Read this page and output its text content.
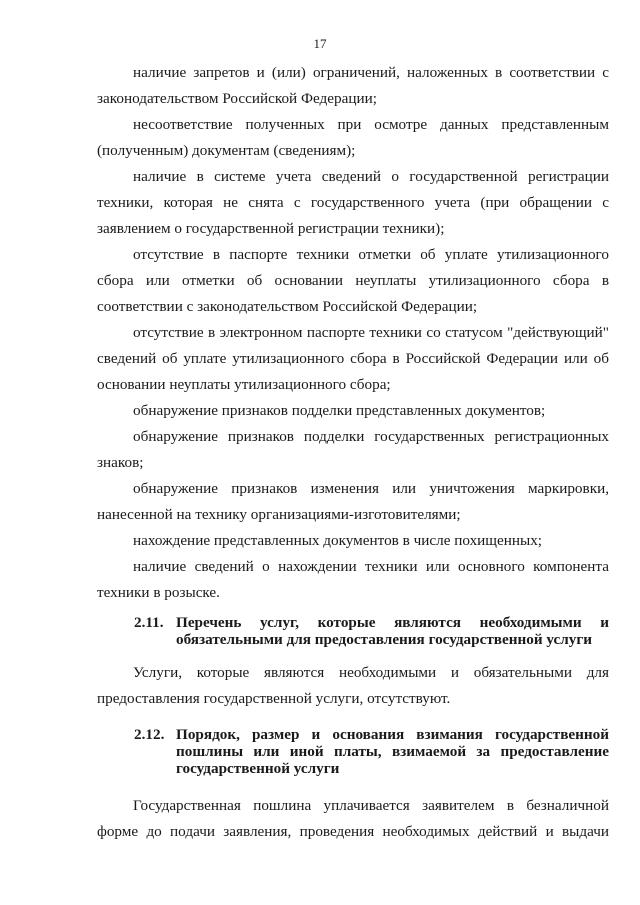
17

наличие запретов и (или) ограничений, наложенных в соответствии с законодательством Российской Федерации;

несоответствие полученных при осмотре данных представленным (полученным) документам (сведениям);

наличие в системе учета сведений о государственной регистрации техники, которая не снята с государственного учета (при обращении с заявлением о государственной регистрации техники);

отсутствие в паспорте техники отметки об уплате утилизационного сбора или отметки об основании неуплаты утилизационного сбора в соответствии с законодательством Российской Федерации;

отсутствие в электронном паспорте техники со статусом "действующий" сведений об уплате утилизационного сбора в Российской Федерации или об основании неуплаты утилизационного сбора;

обнаружение признаков подделки представленных документов;

обнаружение признаков подделки государственных регистрационных знаков;

обнаружение признаков изменения или уничтожения маркировки, нанесенной на технику организациями-изготовителями;

нахождение представленных документов в числе похищенных;

наличие сведений о нахождении техники или основного компонента техники в розыске.

2.11. Перечень услуг, которые являются необходимыми и обязательными для предоставления государственной услуги

Услуги, которые являются необходимыми и обязательными для предоставления государственной услуги, отсутствуют.

2.12. Порядок, размер и основания взимания государственной пошлины или иной платы, взимаемой за предоставление государственной услуги

Государственная пошлина уплачивается заявителем в безналичной форме до подачи заявления, проведения необходимых действий и выдачи
